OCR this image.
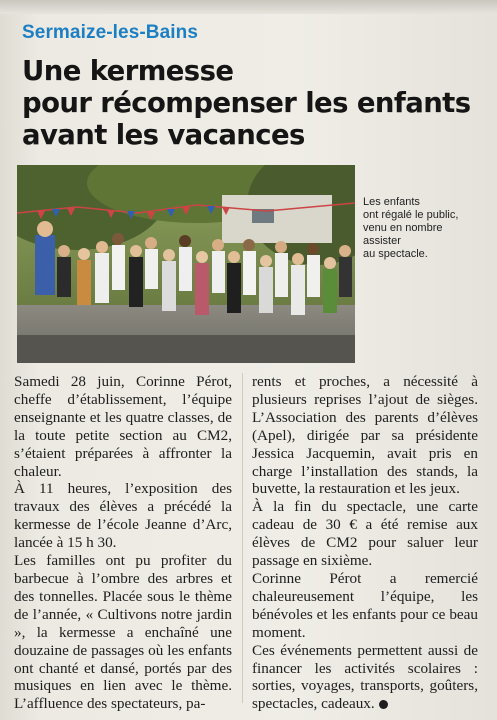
Sermaize-les-Bains
Une kermesse
pour récompenser les enfants
avant les vacances
Les enfants
ont régalé le public,
venu en nombre
assister
au spectacle.

Samedi 28 juin, Corinne Pérot, cheffe d’établissement, l’équipe enseignante et les quatre classes, de la toute petite section au CM2, s’étaient préparées à affronter la chaleur.

À 11 heures, l’exposition des travaux des élèves a précédé la kermesse de l’école Jeanne d’Arc, lancée à 15 h 30.

Les familles ont pu profiter du barbecue à l’ombre des arbres et des tonnelles. Placée sous le thème de l’année, « Cultivons notre jardin », la kermesse a enchaîné une douzaine de passages où les enfants ont chanté et dansé, portés par des musiques en lien avec le thème. L’affluence des spectateurs, pa-

rents et proches, a nécessité à plusieurs reprises l’ajout de sièges. L’Association des parents d’élèves (Apel), dirigée par sa présidente Jessica Jacquemin, avait pris en charge l’installation des stands, la buvette, la restauration et les jeux.

À la fin du spectacle, une carte cadeau de 30 € a été remise aux élèves de CM2 pour saluer leur passage en sixième.

Corinne Pérot a remercié chaleureusement l’équipe, les bénévoles et les enfants pour ce beau moment.

Ces événements permettent aussi de financer les activités scolaires : sorties, voyages, transports, goûters, spectacles, cadeaux.
